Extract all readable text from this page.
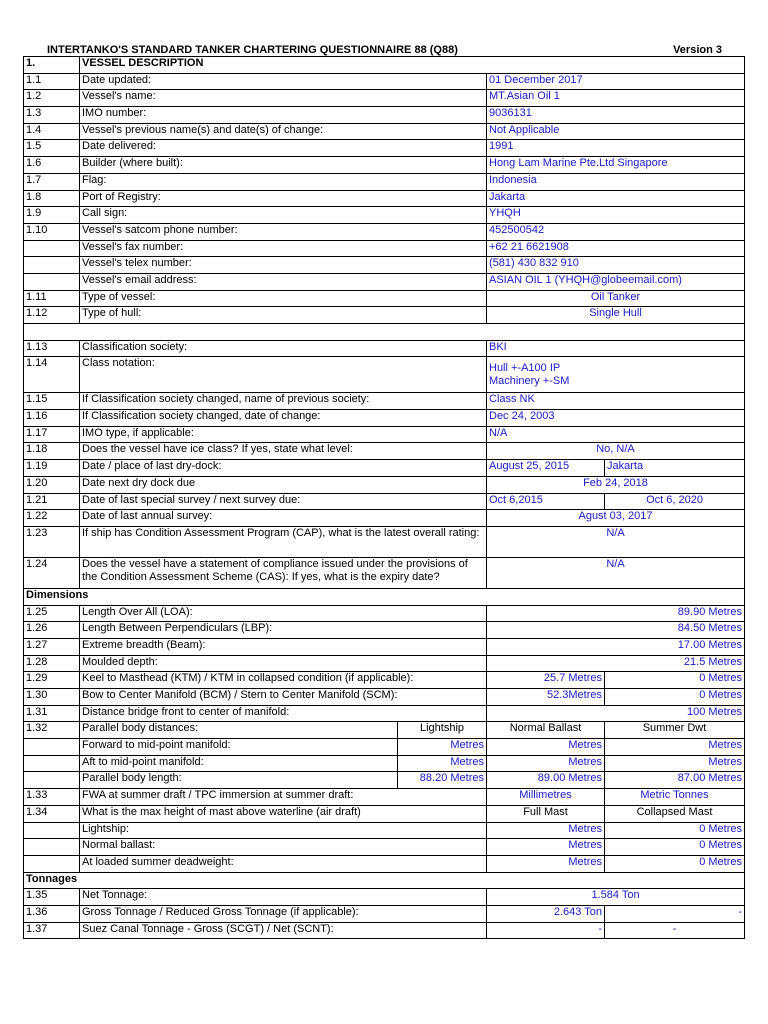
INTERTANKO'S STANDARD TANKER CHARTERING QUESTIONNAIRE 88 (Q88)	Version 3
1.	VESSEL DESCRIPTION			
1.1	Date updated:		01 December 2017	
1.2	Vessel's name:		MT.Asian Oil 1	
1.3	IMO number:		9036131	
1.4	Vessel's previous name(s) and date(s) of change:		Not Applicable	
1.5	Date delivered:		1991	
1.6	Builder (where built):		Hong Lam Marine Pte.Ltd Singapore	
1.7	Flag:		Indonesia	
1.8	Port of Registry:		Jakarta	
1.9	Call sign:		YHQH	
1.10	Vessel's satcom phone number:		452500542	
	Vessel's fax number:		+62 21 6621908	
	Vessel's telex number:		(581) 430 832 910	
	Vessel's email address:		ASIAN OIL 1 (YHQH@globeemail.com)	
1.11	Type of vessel:		Oil Tanker	
1.12	Type of hull:		Single Hull	

1.13	Classification society:		BKI	
1.14	Class notation:		Hull +-A100 IP
Machinery +-SM	

1.15	If Classification society changed, name of previous society:		Class NK	
1.16	If Classification society changed, date of change:		Dec 24, 2003	
1.17	IMO type, if applicable:		N/A	
1.18	Does the vessel have ice class? If yes, state what level:		No, N/A	
1.19	Date / place of last dry-dock:		August 25, 2015	Jakarta
1.20	Date next dry dock due		Feb 24, 2018	
1.21	Date of last special survey / next survey due:		Oct 6,2015	Oct 6, 2020
1.22	Date of last annual survey:		Agust 03, 2017	
1.23	If ship has Condition Assessment Program (CAP), what is the latest overall rating:		N/A	
1.24	Does the vessel have a statement of compliance issued under the provisions of the Condition Assessment Scheme (CAS): If yes, what is the expiry date?		N/A	
Dimensions				
1.25	Length Over All (LOA):		89.90 Metres	
1.26	Length Between Perpendiculars (LBP):		84.50 Metres	
1.27	Extreme breadth (Beam):		17.00 Metres	
1.28	Moulded depth:		21.5 Metres	
1.29	Keel to Masthead (KTM) / KTM in collapsed condition (if applicable):		25.7 Metres	0 Metres
1.30	Bow to Center Manifold (BCM) / Stern to Center Manifold (SCM):		52.3Metres	0 Metres
1.31	Distance bridge front to center of manifold:		100 Metres	
1.32	Parallel body distances:	Lightship	Normal Ballast	Summer Dwt
	Forward to mid-point manifold:	Metres	Metres	Metres
	Aft to mid-point manifold:	Metres	Metres	Metres
	Parallel body length:	88.20 Metres	89.00 Metres	87.00 Metres
1.33	FWA at summer draft / TPC immersion at summer draft:		Millimetres	Metric Tonnes
1.34	What is the max height of mast above waterline (air draft)		Full Mast	Collapsed Mast
	Lightship:		Metres	0 Metres
	Normal ballast:		Metres	0 Metres
	At loaded summer deadweight:		Metres	0 Metres
Tonnages				
1.35	Net Tonnage:		1.584 Ton	
1.36	Gross Tonnage / Reduced Gross Tonnage (if applicable):		2.643 Ton	-
1.37	Suez Canal Tonnage - Gross (SCGT) / Net (SCNT):		-	-
